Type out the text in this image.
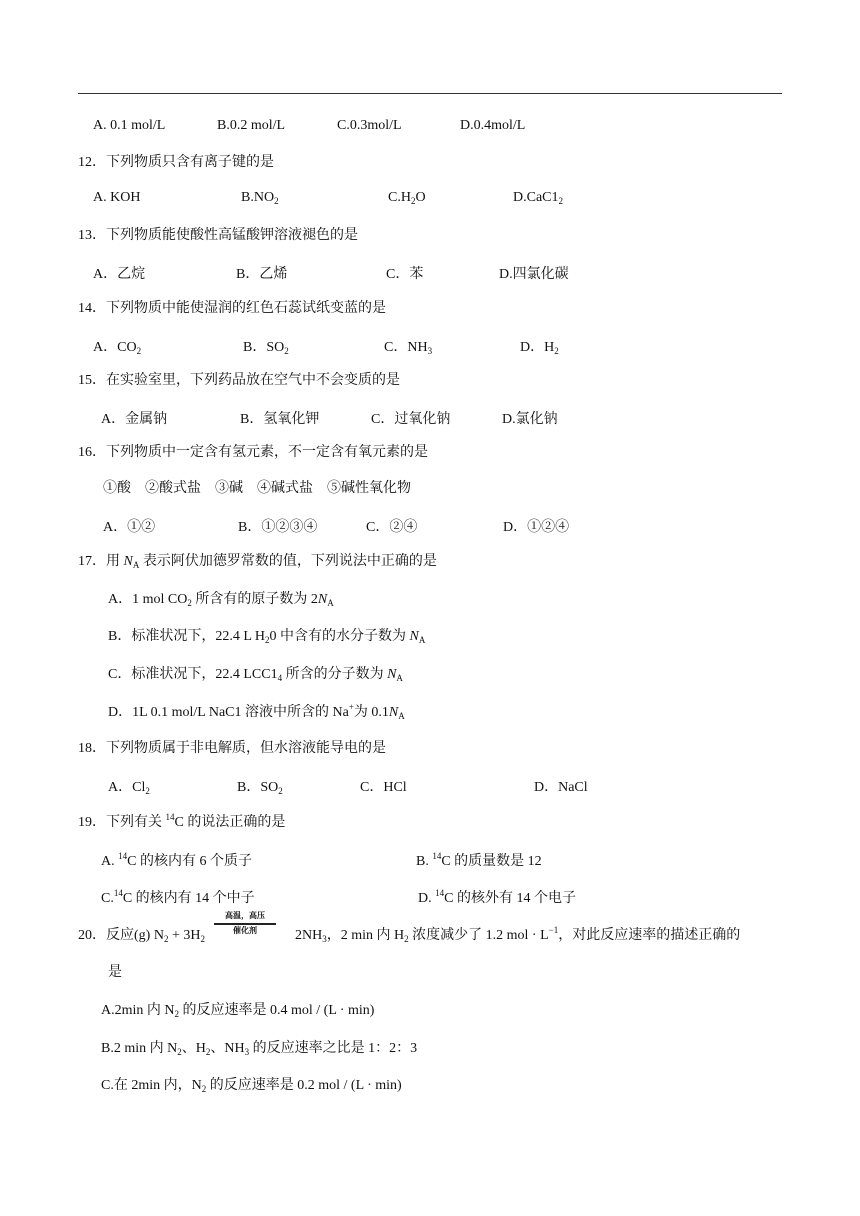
A. 0.1 mol/L	B.0.2 mol/L	C.0.3mol/L	D.0.4mol/L
12．下列物质只含有离子键的是
A. KOH	$B.NO_2$	$C.H_2O$	$D.CaC1_2$
13．下列物质能使酸性高锰酸钾溶液褪色的是
A．乙烷	B．乙烯	C．苯	D.四氯化碳
14．下列物质中能使湿润的红色石蕊试纸变蓝的是
A．$CO_2$	B．$SO_2$	C．$NH_3$	D．$H_2$
15．在实验室里，下列药品放在空气中不会变质的是
A．金属钠	B．氢氧化钾	C．过氧化钠	D.氯化钠
16．下列物质中一定含有氢元素，不一定含有氧元素的是
①酸　②酸式盐　③碱　④碱式盐　⑤碱性氧化物
A．①②	B．①②③④	C．②④	D．①②④
17．用 $N_A$ 表示阿伏加德罗常数的值，下列说法中正确的是
A．1 mol $CO_2$ 所含有的原子数为 $2N_A$
B．标准状况下，22.4 L $H_20$ 中含有的水分子数为 $N_A$
C．标准状况下，22.4 $LCC1_4$ 所含的分子数为 $N_A$
D．1L 0.1 mol/L NaC1 溶液中所含的 Na+为 $0.1N_A$
18．下列物质属于非电解质，但水溶液能导电的是
A．$Cl_2$	B．$SO_2$	C．HCl	D．NaCl
19．下列有关 $^{14}$C 的说法正确的是
A. $^{14}$C 的核内有 6 个质子	B. $^{14}$C 的质量数是 12
C.$^{14}$C 的核内有 14 个中子	D. $^{14}$C 的核外有 14 个电子
20．反应(g) $N_2 + 3H_2$
高温，高压
催化剂	$2NH_3$，2 min 内 $H_2$ 浓度减少了 1.2 mol · $L^{-1}$，对此反应速率的描述正确的
是
A.2min 内 $N_2$ 的反应速率是 0.4 mol / (L · min)
B.2 min 内 $N_2$、$H_2$、$NH_3$ 的反应速率之比是 1：2：3
C.在 2min 内，$N_2$ 的反应速率是 0.2 mol / (L · min)
